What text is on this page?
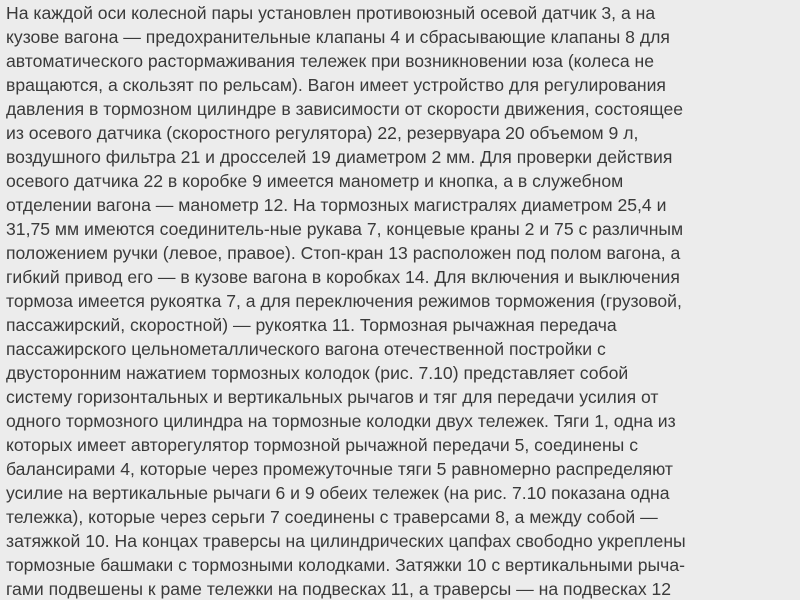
На каждой оси колесной пары установлен противоюзный осевой датчик 3, а на
кузове вагона — предохранительные клапаны 4 и сбрасывающие клапаны 8 для
автоматического растормаживания тележек при возникновении юза (колеса не
вращаются, а скользят по рельсам). Вагон имеет устройство для регулирования
давления в тормозном цилиндре в зависимости от скорости движения, состоящее
из осевого датчика (скоростного регулятора) 22, резервуара 20 объемом 9 л,
воздушного фильтра 21 и дросселей 19 диаметром 2 мм. Для проверки действия
осевого датчика 22 в коробке 9 имеется манометр и кнопка, а в служебном
отделении вагона — манометр 12. На тормозных магистралях диаметром 25,4 и
31,75 мм имеются соединитель-ные рукава 7, концевые краны 2 и 75 с различным
положением ручки (левое, правое). Стоп-кран 13 расположен под полом вагона, а
гибкий привод его — в кузове вагона в коробках 14. Для включения и выключения
тормоза имеется рукоятка 7, а для переключения режимов торможения (грузовой,
пассажирский, скоростной) — рукоятка 11. Тормозная рычажная передача
пассажирского цельнометаллического вагона отечественной постройки с
двусторонним нажатием тормозных колодок (рис. 7.10) представляет собой
систему горизонтальных и вертикальных рычагов и тяг для передачи усилия от
одного тормозного цилиндра на тормозные колодки двух тележек. Тяги 1, одна из
которых имеет авторегулятор тормозной рычажной передачи 5, соединены с
балансирами 4, которые через промежуточные тяги 5 равномерно распределяют
усилие на вертикальные рычаги 6 и 9 обеих тележек (на рис. 7.10 показана одна
тележка), которые через серьги 7 соединены с траверсами 8, а между собой —
затяжкой 10. На концах траверсы на цилиндрических цапфах свободно укреплены
тормозные башмаки с тормозными колодками. Затяжки 10 с вертикальными рыча-
гами подвешены к раме тележки на подвесках 11, а траверсы — на подвесках 12
